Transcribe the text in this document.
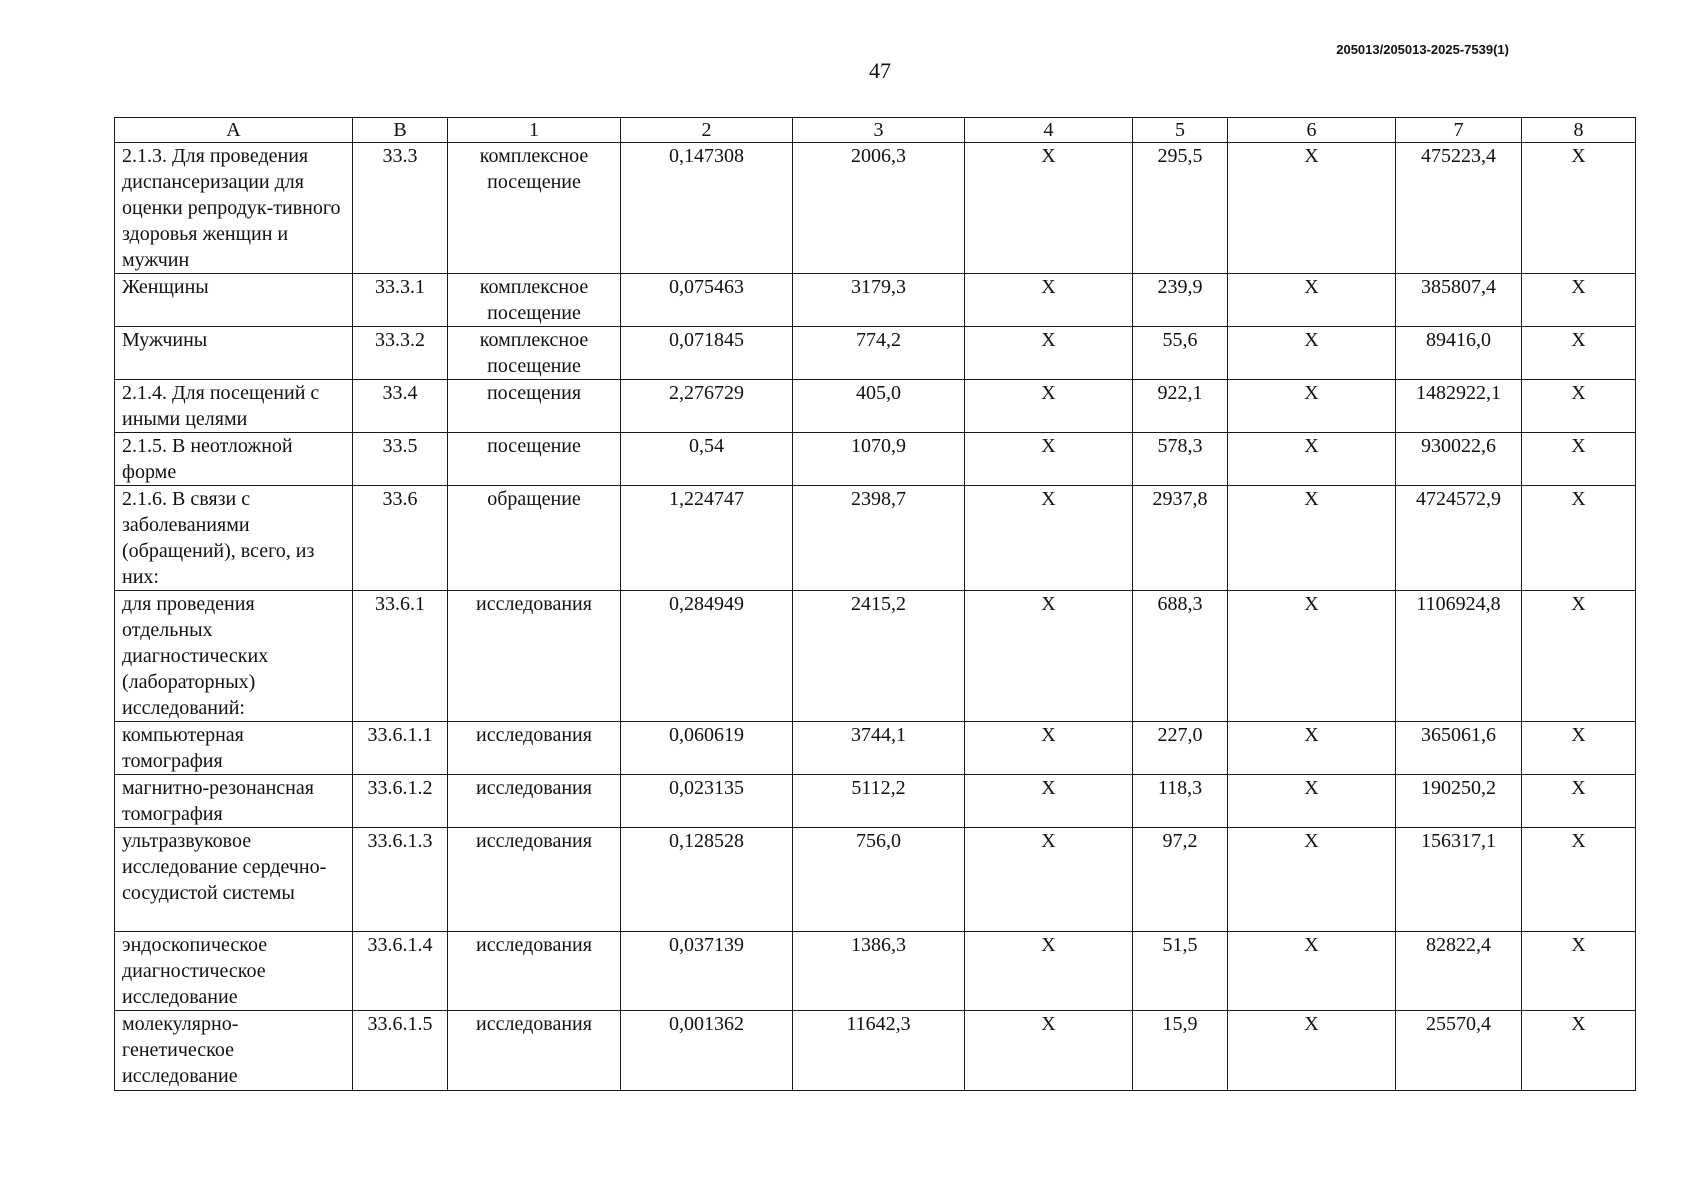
205013/205013-2025-7539(1)
47
A	B	1	2	3	4	5	6	7	8
2.1.3. Для проведения диспансеризации для оценки репродук-тивного здоровья женщин и мужчин	33.3	комплексное посещение	0,147308	2006,3	Х	295,5	Х	475223,4	Х
Женщины	33.3.1	комплексное посещение	0,075463	3179,3	Х	239,9	Х	385807,4	Х
Мужчины	33.3.2	комплексное посещение	0,071845	774,2	Х	55,6	Х	89416,0	Х
2.1.4. Для посещений с иными целями	33.4	посещения	2,276729	405,0	Х	922,1	Х	1482922,1	Х
2.1.5. В неотложной форме	33.5	посещение	0,54	1070,9	Х	578,3	Х	930022,6	Х
2.1.6. В связи с заболеваниями (обращений), всего, из них:	33.6	обращение	1,224747	2398,7	Х	2937,8	Х	4724572,9	Х
для проведения отдельных диагностических (лабораторных) исследований:	33.6.1	исследования	0,284949	2415,2	Х	688,3	Х	1106924,8	Х
компьютерная томография	33.6.1.1	исследования	0,060619	3744,1	Х	227,0	Х	365061,6	Х
магнитно-резонансная томография	33.6.1.2	исследования	0,023135	5112,2	Х	118,3	Х	190250,2	Х
ультразвуковое исследование сердечно-сосудистой системы	33.6.1.3	исследования	0,128528	756,0	Х	97,2	Х	156317,1	Х
эндоскопическое диагностическое исследование	33.6.1.4	исследования	0,037139	1386,3	Х	51,5	Х	82822,4	Х
молекулярно-генетическое исследование	33.6.1.5	исследования	0,001362	11642,3	Х	15,9	Х	25570,4	Х
